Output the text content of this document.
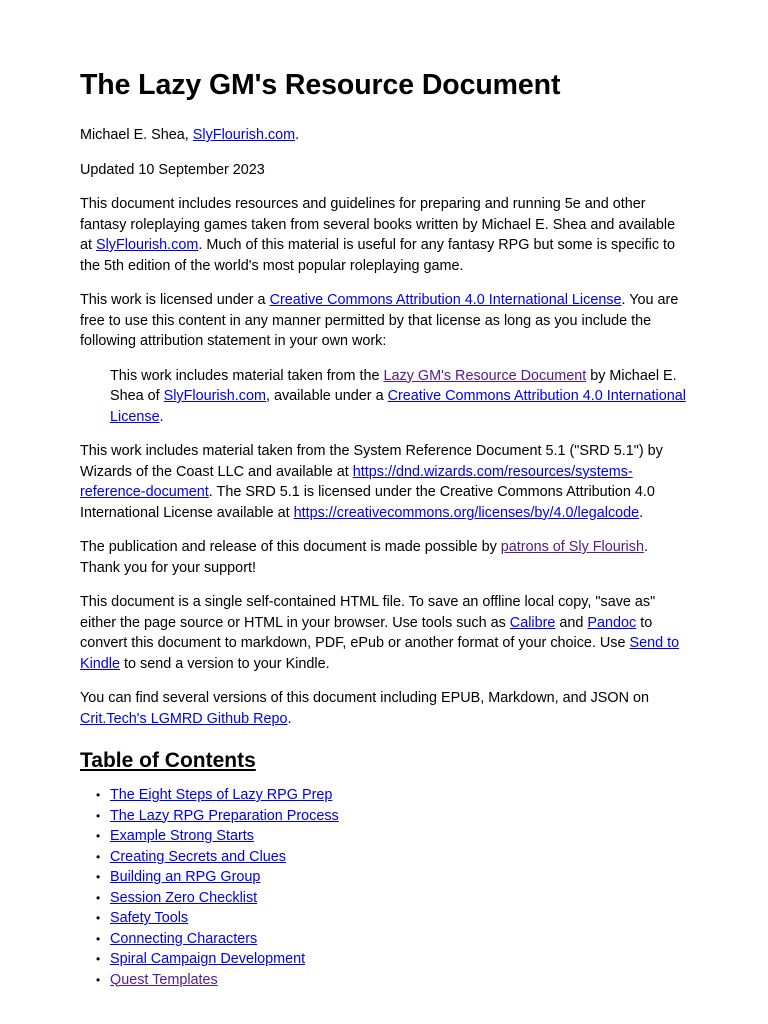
The Lazy GM's Resource Document

Michael E. Shea, SlyFlourish.com.

Updated 10 September 2023

This document includes resources and guidelines for preparing and running 5e and other fantasy roleplaying games taken from several books written by Michael E. Shea and available at SlyFlourish.com. Much of this material is useful for any fantasy RPG but some is specific to the 5th edition of the world's most popular roleplaying game.

This work is licensed under a Creative Commons Attribution 4.0 International License. You are free to use this content in any manner permitted by that license as long as you include the following attribution statement in your own work:

This work includes material taken from the Lazy GM's Resource Document by Michael E. Shea of SlyFlourish.com, available under a Creative Commons Attribution 4.0 International License.

This work includes material taken from the System Reference Document 5.1 ("SRD 5.1") by Wizards of the Coast LLC and available at https://dnd.wizards.com/resources/systems-reference-document. The SRD 5.1 is licensed under the Creative Commons Attribution 4.0 International License available at https://creativecommons.org/licenses/by/4.0/legalcode.

The publication and release of this document is made possible by patrons of Sly Flourish. Thank you for your support!

This document is a single self-contained HTML file. To save an offline local copy, "save as" either the page source or HTML in your browser. Use tools such as Calibre and Pandoc to convert this document to markdown, PDF, ePub or another format of your choice. Use Send to Kindle to send a version to your Kindle.

You can find several versions of this document including EPUB, Markdown, and JSON on Crit.Tech's LGMRD Github Repo.

Table of Contents
• The Eight Steps of Lazy RPG Prep
• The Lazy RPG Preparation Process
• Example Strong Starts
• Creating Secrets and Clues
• Building an RPG Group
• Session Zero Checklist
• Safety Tools
• Connecting Characters
• Spiral Campaign Development
• Quest Templates
